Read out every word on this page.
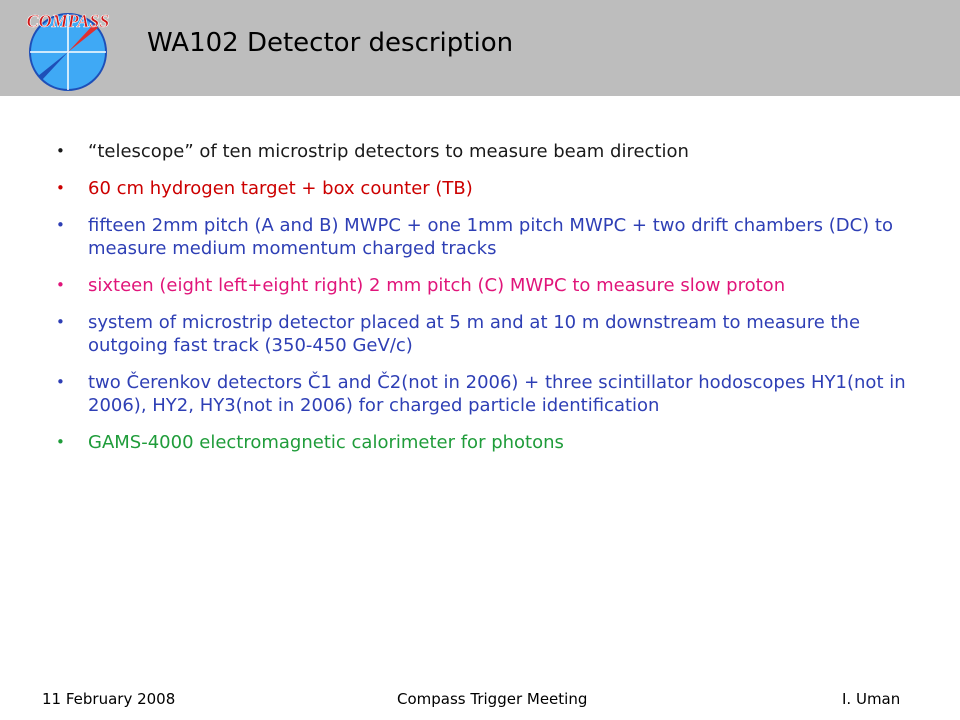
COMPASS
WA102 Detector description
• “telescope” of ten microstrip detectors to measure beam direction
• 60 cm hydrogen target + box counter (TB)
• fifteen 2mm pitch (A and B) MWPC + one 1mm pitch MWPC + two drift chambers (DC) to measure medium momentum charged tracks
• sixteen (eight left+eight right) 2 mm pitch (C) MWPC to measure slow proton
• system of microstrip detector placed at 5 m and at 10 m downstream to measure the outgoing fast track (350-450 GeV/c)
• two Čerenkov detectors Č1 and Č2(not in 2006) + three scintillator hodoscopes HY1(not in 2006), HY2, HY3(not in 2006) for charged particle identification
• GAMS-4000 electromagnetic calorimeter for photons
11 February 2008	Compass Trigger Meeting	I. Uman
